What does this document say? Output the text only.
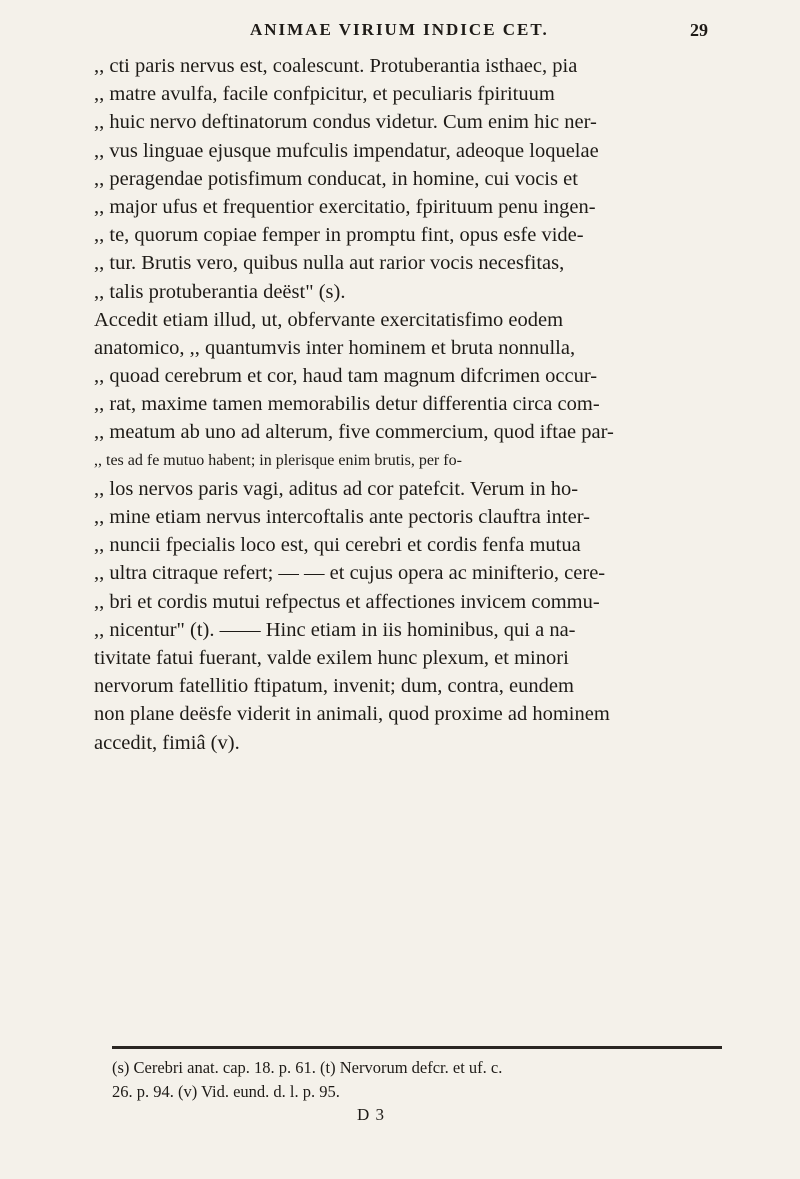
ANIMAE VIRIUM INDICE CET.	29
,, cti paris nervus est, coalescunt. Protuberantia isthaec, pia
,, matre avulfa, facile confpicitur, et peculiaris fpirituum
,, huic nervo deftinatorum condus videtur. Cum enim hic ner-
,, vus linguae ejusque mufculis impendatur, adeoque loquelae
,, peragendae potisfimum conducat, in homine, cui vocis et
,, major ufus et frequentior exercitatio, fpirituum penu ingen-
,, te, quorum copiae femper in promptu fint, opus esfe vide-
,, tur. Brutis vero, quibus nulla aut rarior vocis necesfitas,
,, talis protuberantia deëst" (s).
Accedit etiam illud, ut, obfervante exercitatisfimo eodem
anatomico, ,, quantumvis inter hominem et bruta nonnulla,
,, quoad cerebrum et cor, haud tam magnum difcrimen occur-
,, rat, maxime tamen memorabilis detur differentia circa com-
,, meatum ab uno ad alterum, five commercium, quod iftae par-
,, tes ad fe mutuo habent; in plerisque enim brutis, per fo-
,, los nervos paris vagi, aditus ad cor patefcit. Verum in ho-
,, mine etiam nervus intercoftalis ante pectoris clauftra inter-
,, nuncii fpecialis loco est, qui cerebri et cordis fenfa mutua
,, ultra citraque refert; — — et cujus opera ac minifterio, cere-
,, bri et cordis mutui refpectus et affectiones invicem commu-
,, nicentur" (t). —— Hinc etiam in iis hominibus, qui a na-
tivitate fatui fuerant, valde exilem hunc plexum, et minori
nervorum fatellitio ftipatum, invenit; dum, contra, eundem
non plane deësfe viderit in animali, quod proxime ad hominem
accedit, fimiâ (v).
(s) Cerebri anat. cap. 18. p. 61. (t) Nervorum defcr. et uf. c.
26. p. 94. (v) Vid. eund. d. l. p. 95.
D 3
